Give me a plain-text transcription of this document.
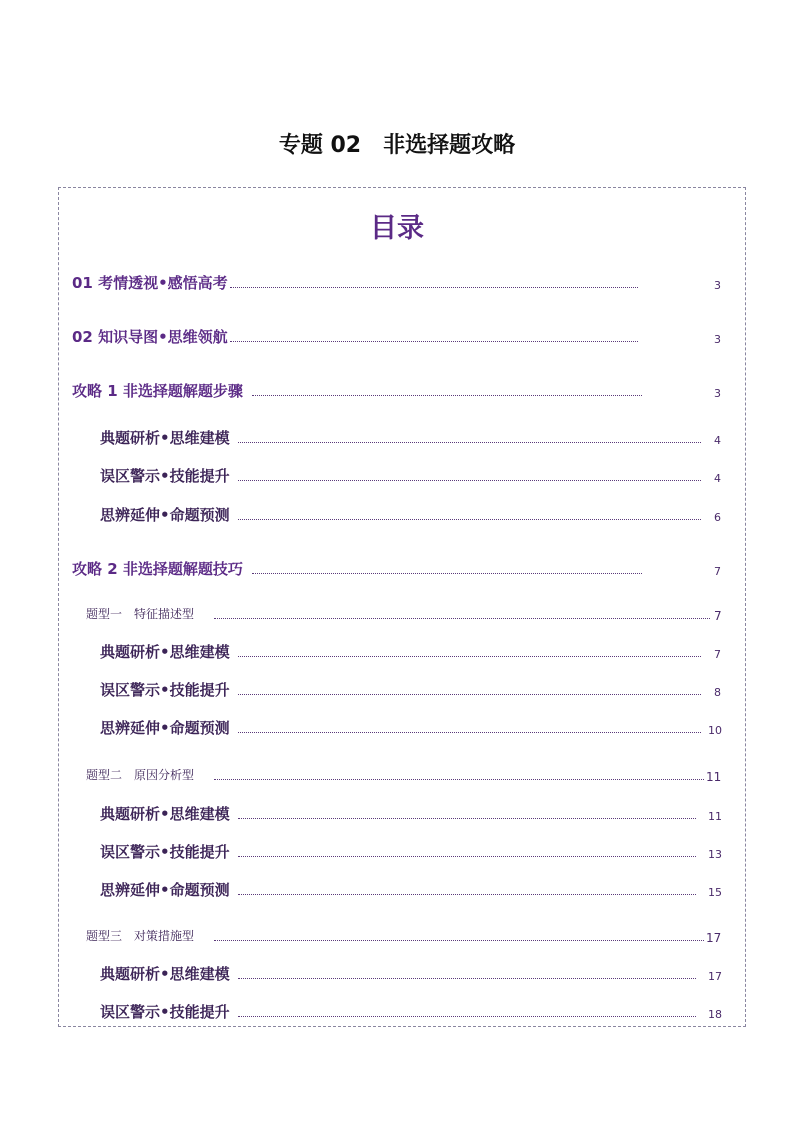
专题 02 非选择题攻略
目录
01 考情透视•感悟高考	3
02 知识导图•思维领航	3
攻略 1 非选择题解题步骤	3
典题研析•思维建模	4
误区警示•技能提升	4
思辨延伸•命题预测	6
攻略 2 非选择题解题技巧	7
题型一　特征描述型	7
典题研析•思维建模	7
误区警示•技能提升	8
思辨延伸•命题预测	10
题型二　原因分析型	11
典题研析•思维建模	11
误区警示•技能提升	13
思辨延伸•命题预测	15
题型三　对策措施型	17
典题研析•思维建模	17
误区警示•技能提升	18
